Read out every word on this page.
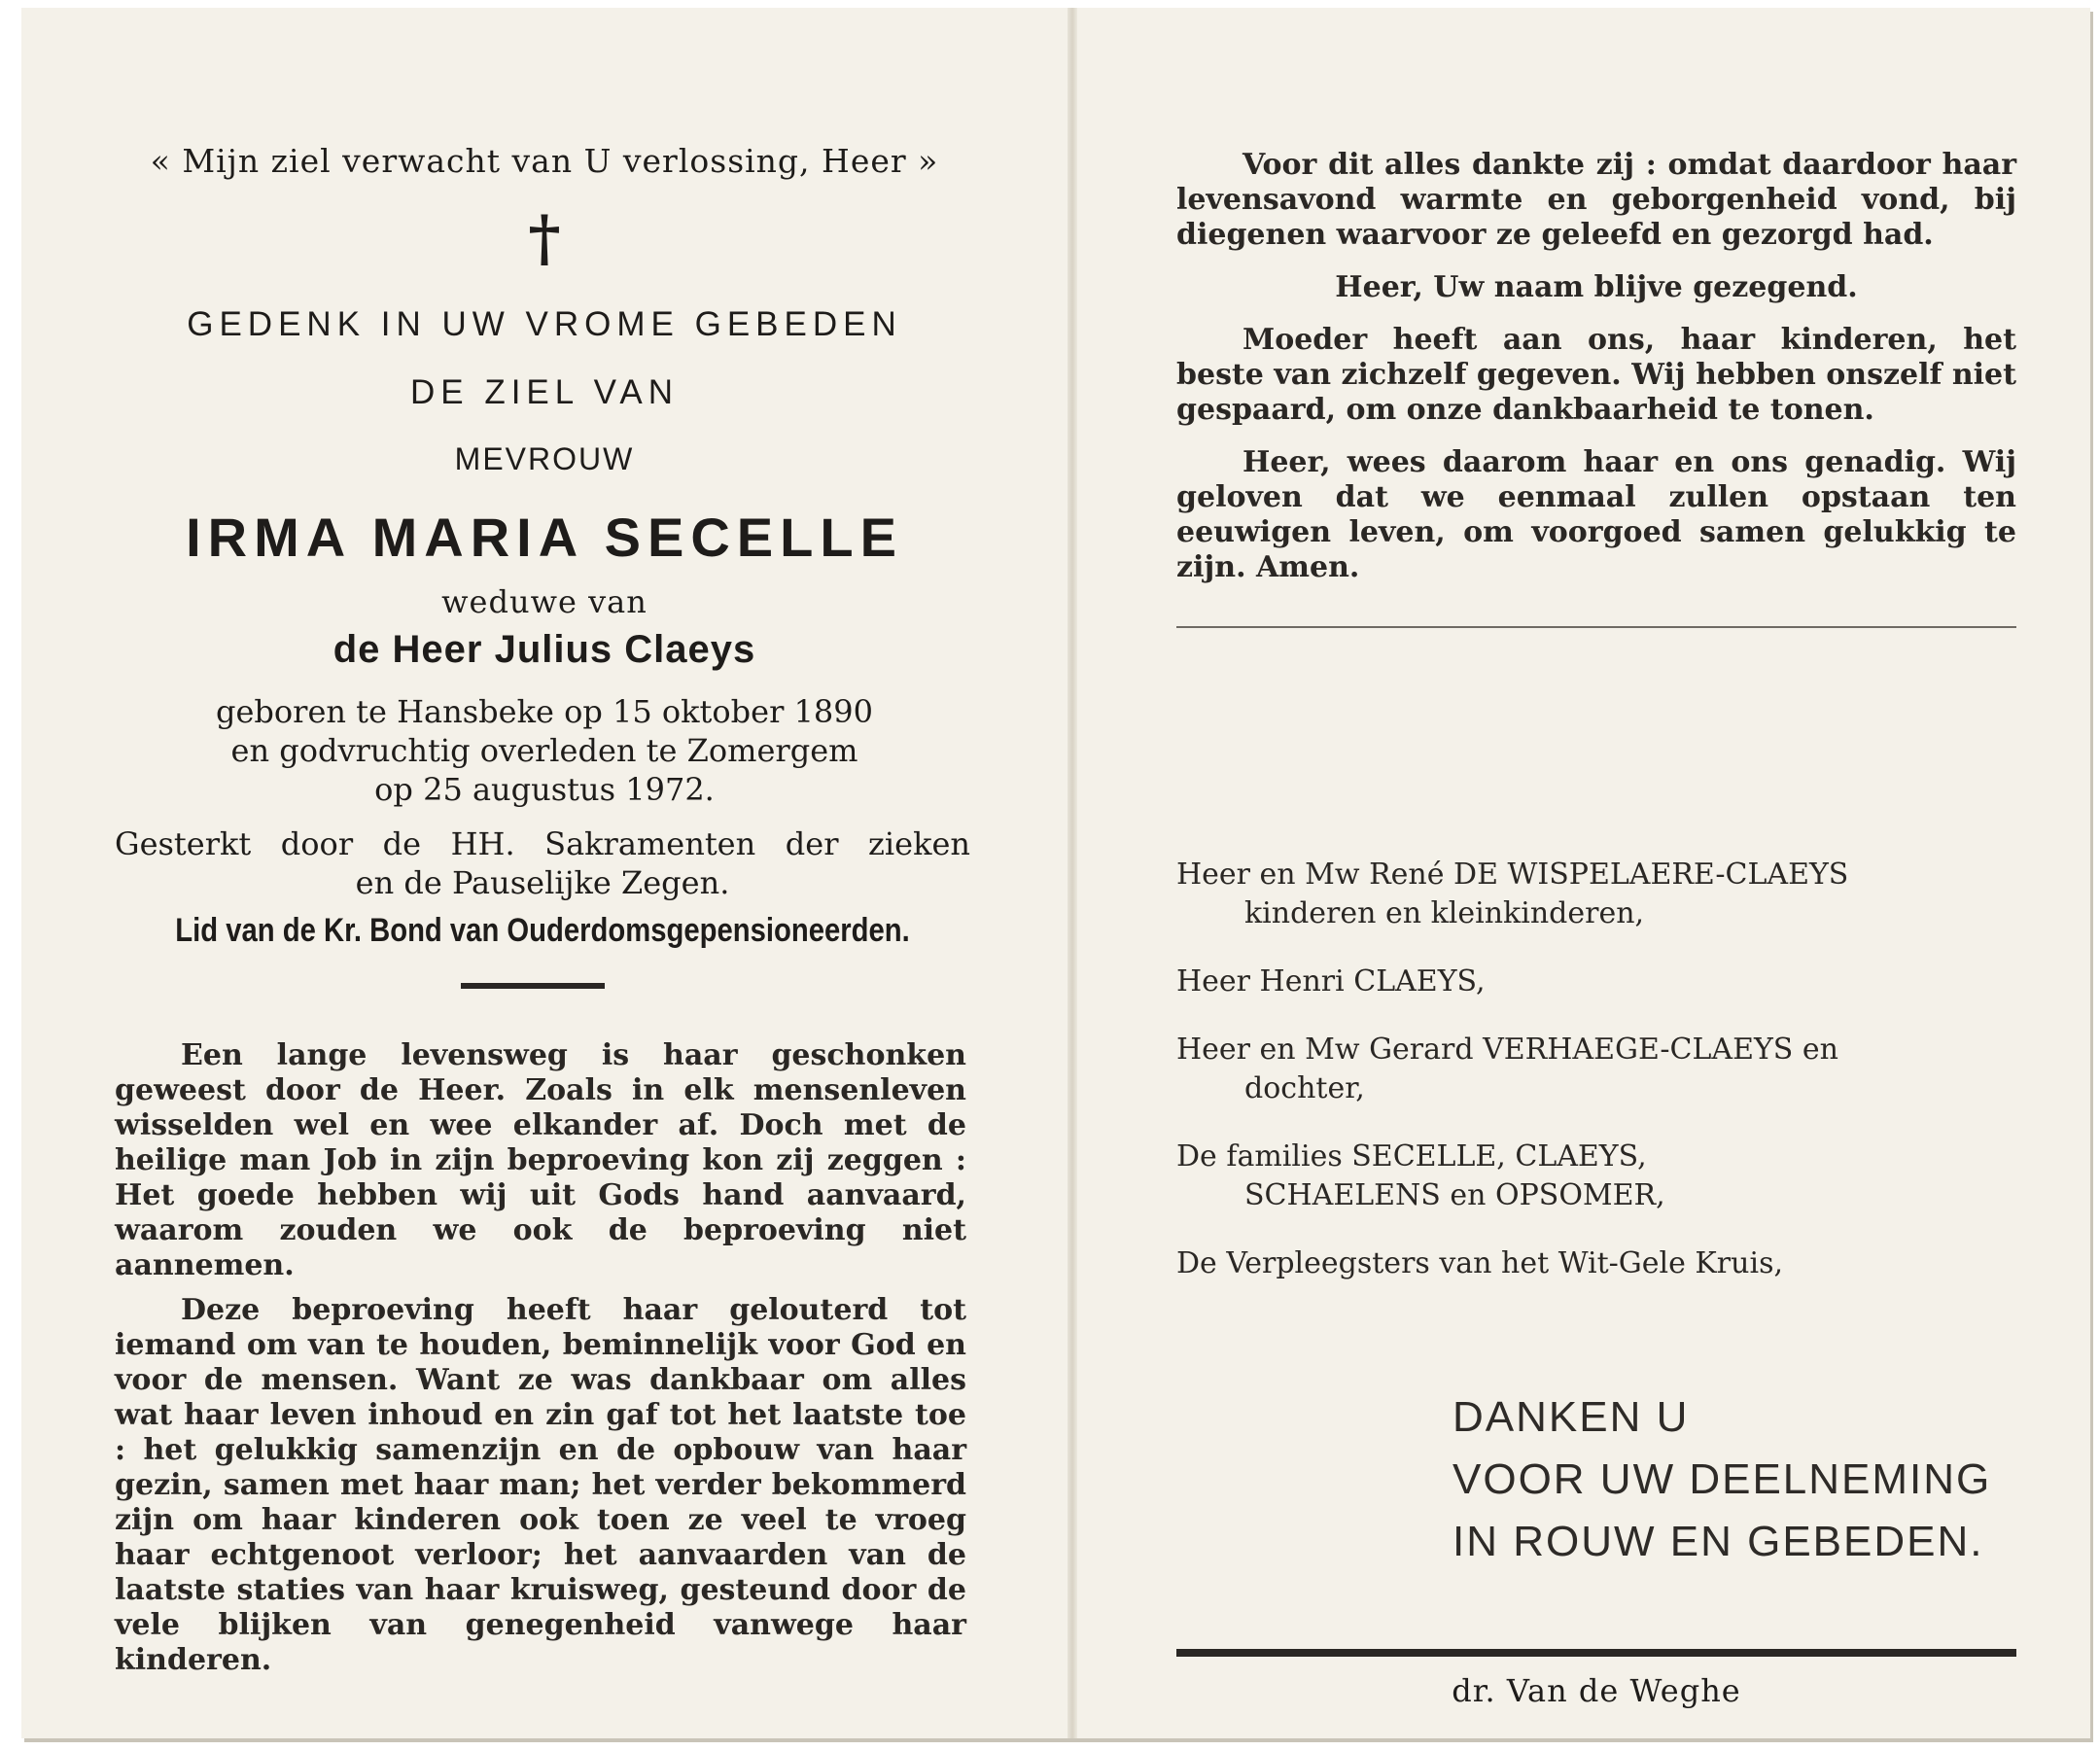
« Mijn ziel verwacht van U verlossing, Heer »
†
GEDENK IN UW VROME GEBEDEN
DE ZIEL VAN
MEVROUW
IRMA MARIA SECELLE
weduwe van
de Heer Julius Claeys
geboren te Hansbeke op 15 oktober 1890
en godvruchtig overleden te Zomergem
op 25 augustus 1972.
Gesterkt door de HH. Sakramenten der zieken
en de Pauselijke Zegen.
Lid van de Kr. Bond van Ouderdomsgepensioneerden.

Een lange levensweg is haar geschonken geweest door de Heer. Zoals in elk mensenleven wisselden wel en wee elkander af. Doch met de heilige man Job in zijn beproeving kon zij zeggen : Het goede hebben wij uit Gods hand aanvaard, waarom zouden we ook de beproeving niet aannemen.

Deze beproeving heeft haar gelouterd tot iemand om van te houden, beminnelijk voor God en voor de mensen. Want ze was dankbaar om alles wat haar leven inhoud en zin gaf tot het laatste toe : het gelukkig samenzijn en de opbouw van haar gezin, samen met haar man; het verder bekommerd zijn om haar kinderen ook toen ze veel te vroeg haar echtgenoot verloor; het aanvaarden van de laatste staties van haar kruisweg, gesteund door de vele blijken van genegenheid vanwege haar kinderen.

Voor dit alles dankte zij : omdat daardoor haar levensavond warmte en geborgenheid vond, bij diegenen waarvoor ze geleefd en gezorgd had.

Heer, Uw naam blijve gezegend.

Moeder heeft aan ons, haar kinderen, het beste van zichzelf gegeven. Wij hebben onszelf niet gespaard, om onze dankbaarheid te tonen.

Heer, wees daarom haar en ons genadig. Wij geloven dat we eenmaal zullen opstaan ten eeuwigen leven, om voorgoed samen gelukkig te zijn. Amen.

Heer en Mw René DE WISPELAERE-CLAEYS
kinderen en kleinkinderen,
Heer Henri CLAEYS,
Heer en Mw Gerard VERHAEGE-CLAEYS en
dochter,
De families SECELLE, CLAEYS,
SCHAELENS en OPSOMER,
De Verpleegsters van het Wit-Gele Kruis,
DANKEN U
VOOR UW DEELNEMING
IN ROUW EN GEBEDEN.
dr. Van de Weghe
